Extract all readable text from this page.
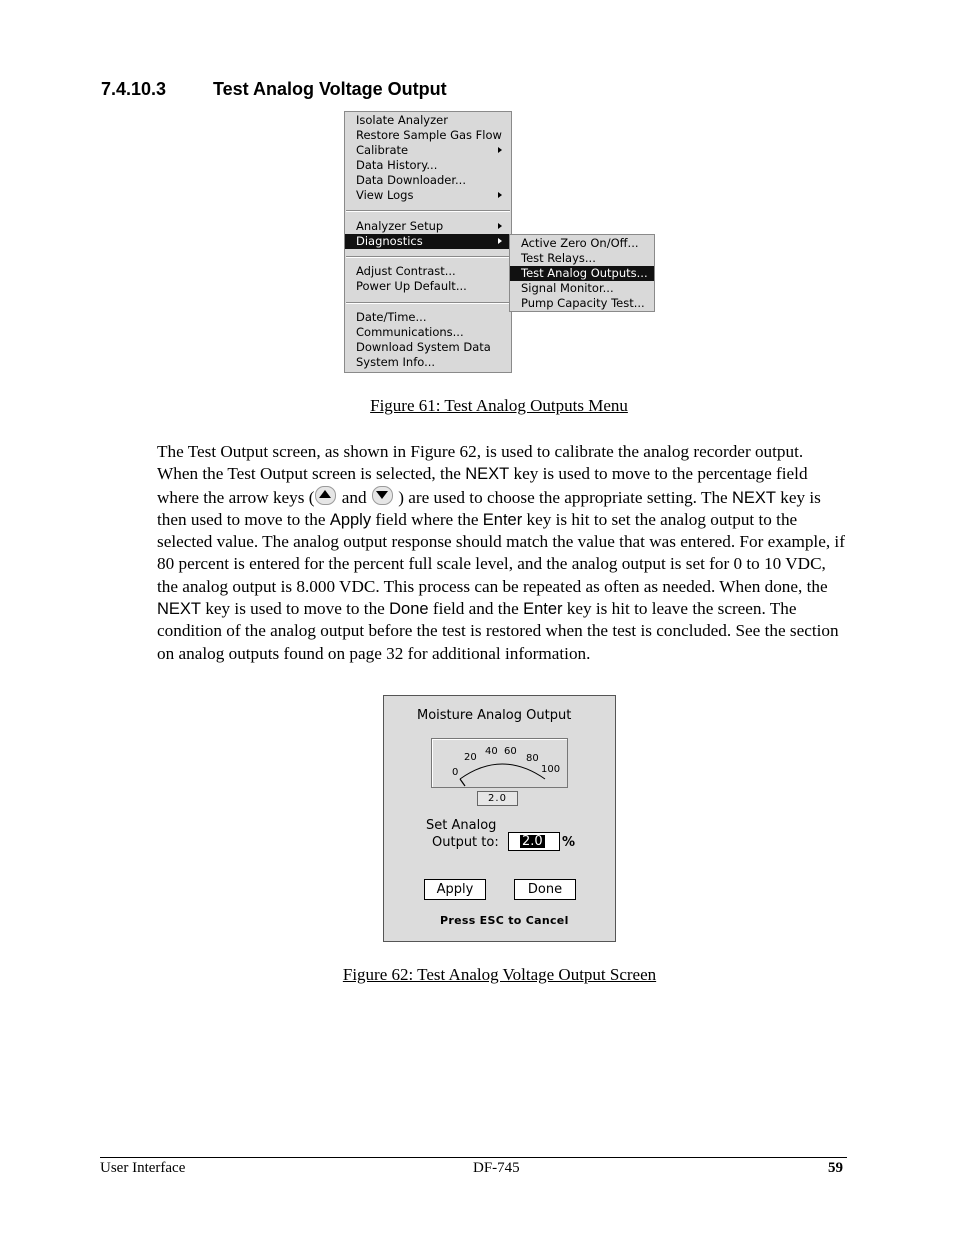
7.4.10.3	Test Analog Voltage Output
Isolate Analyzer
Restore Sample Gas Flow
Calibrate
Data History...
Data Downloader...
View Logs
Analyzer Setup
Diagnostics
Adjust Contrast...
Power Up Default...
Date/Time...
Communications...
Download System Data
System Info...
Active Zero On/Off...
Test Relays...
Test Analog Outputs...
Signal Monitor...
Pump Capacity Test...
Figure 61: Test Analog Outputs Menu
The Test Output screen, as shown in Figure 62, is used to calibrate the analog recorder output. When the Test Output screen is selected, the NEXT key is used to move to the percentage field where the arrow keys ( and  ) are used to choose the appropriate setting. The NEXT key is then used to move to the Apply field where the Enter key is hit to set the analog output to the selected value. The analog output response should match the value that was entered. For example, if 80 percent is entered for the percent full scale level, and the analog output is set for 0 to 10 VDC, the analog output is 8.000 VDC. This process can be repeated as often as needed. When done, the NEXT key is used to move to the Done field and the Enter key is hit to leave the screen. The condition of the analog output before the test is restored when the test is concluded. See the section on analog outputs found on page 32 for additional information.
Moisture Analog Output
0
20
40 60
80
100
2.0
Set Analog
Output to:	2.0	%
Apply	Done
Press ESC to Cancel
Figure 62: Test Analog Voltage Output Screen
User Interface	DF-745	59
